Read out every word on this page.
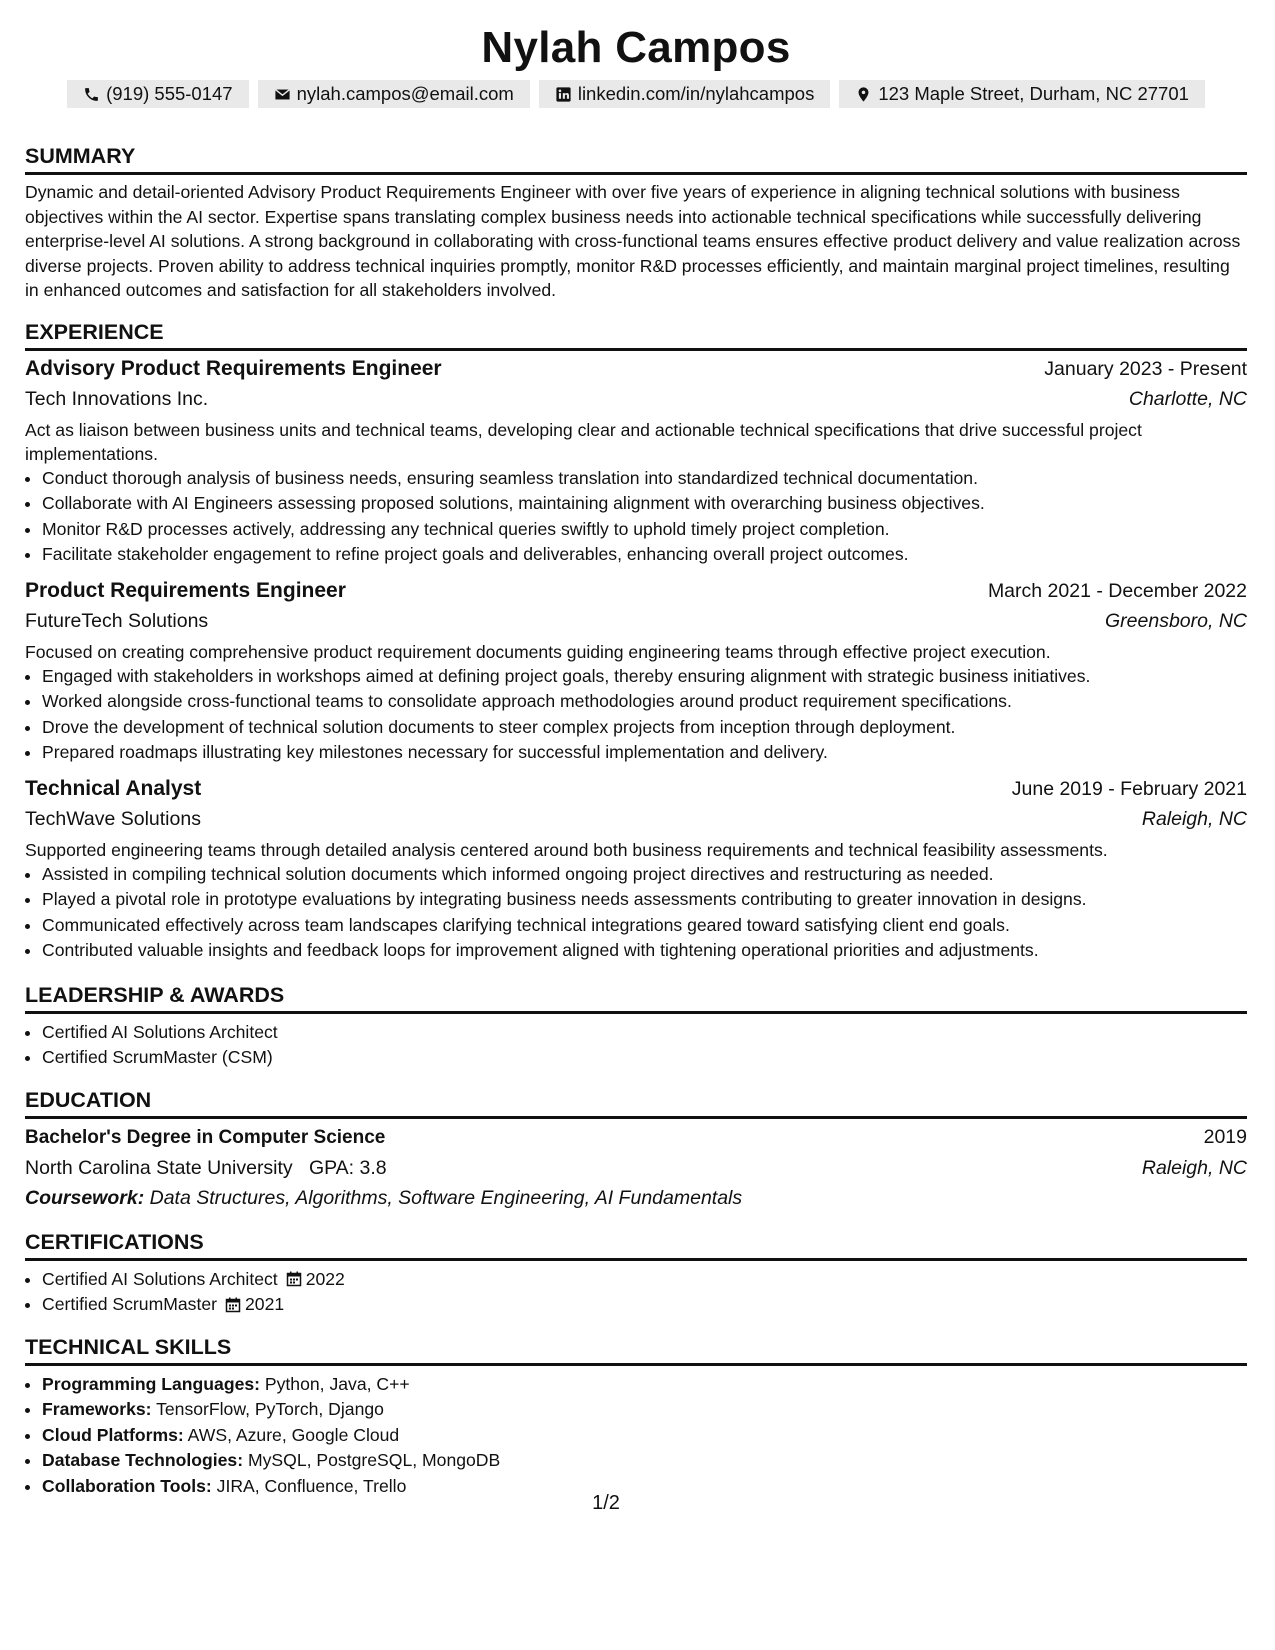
Nylah Campos
(919) 555-0147	nylah.campos@email.com	linkedin.com/in/nylahcampos	123 Maple Street, Durham, NC 27701
SUMMARY
Dynamic and detail-oriented Advisory Product Requirements Engineer with over five years of experience in aligning technical solutions with business objectives within the AI sector. Expertise spans translating complex business needs into actionable technical specifications while successfully delivering enterprise-level AI solutions. A strong background in collaborating with cross-functional teams ensures effective product delivery and value realization across diverse projects. Proven ability to address technical inquiries promptly, monitor R&D processes efficiently, and maintain marginal project timelines, resulting in enhanced outcomes and satisfaction for all stakeholders involved.
EXPERIENCE
Advisory Product Requirements Engineer	January 2023 - Present
Tech Innovations Inc.	Charlotte, NC
Act as liaison between business units and technical teams, developing clear and actionable technical specifications that drive successful project implementations.
• Conduct thorough analysis of business needs, ensuring seamless translation into standardized technical documentation.
• Collaborate with AI Engineers assessing proposed solutions, maintaining alignment with overarching business objectives.
• Monitor R&D processes actively, addressing any technical queries swiftly to uphold timely project completion.
• Facilitate stakeholder engagement to refine project goals and deliverables, enhancing overall project outcomes.
Product Requirements Engineer	March 2021 - December 2022
FutureTech Solutions	Greensboro, NC
Focused on creating comprehensive product requirement documents guiding engineering teams through effective project execution.
• Engaged with stakeholders in workshops aimed at defining project goals, thereby ensuring alignment with strategic business initiatives.
• Worked alongside cross-functional teams to consolidate approach methodologies around product requirement specifications.
• Drove the development of technical solution documents to steer complex projects from inception through deployment.
• Prepared roadmaps illustrating key milestones necessary for successful implementation and delivery.
Technical Analyst	June 2019 - February 2021
TechWave Solutions	Raleigh, NC
Supported engineering teams through detailed analysis centered around both business requirements and technical feasibility assessments.
• Assisted in compiling technical solution documents which informed ongoing project directives and restructuring as needed.
• Played a pivotal role in prototype evaluations by integrating business needs assessments contributing to greater innovation in designs.
• Communicated effectively across team landscapes clarifying technical integrations geared toward satisfying client end goals.
• Contributed valuable insights and feedback loops for improvement aligned with tightening operational priorities and adjustments.
LEADERSHIP & AWARDS
• Certified AI Solutions Architect
• Certified ScrumMaster (CSM)
EDUCATION
Bachelor's Degree in Computer Science	2019
North Carolina State University GPA: 3.8	Raleigh, NC
Coursework: Data Structures, Algorithms, Software Engineering, AI Fundamentals
CERTIFICATIONS
• Certified AI Solutions Architect 2022
• Certified ScrumMaster 2021
TECHNICAL SKILLS
• Programming Languages: Python, Java, C++
• Frameworks: TensorFlow, PyTorch, Django
• Cloud Platforms: AWS, Azure, Google Cloud
• Database Technologies: MySQL, PostgreSQL, MongoDB
• Collaboration Tools: JIRA, Confluence, Trello
1/2
